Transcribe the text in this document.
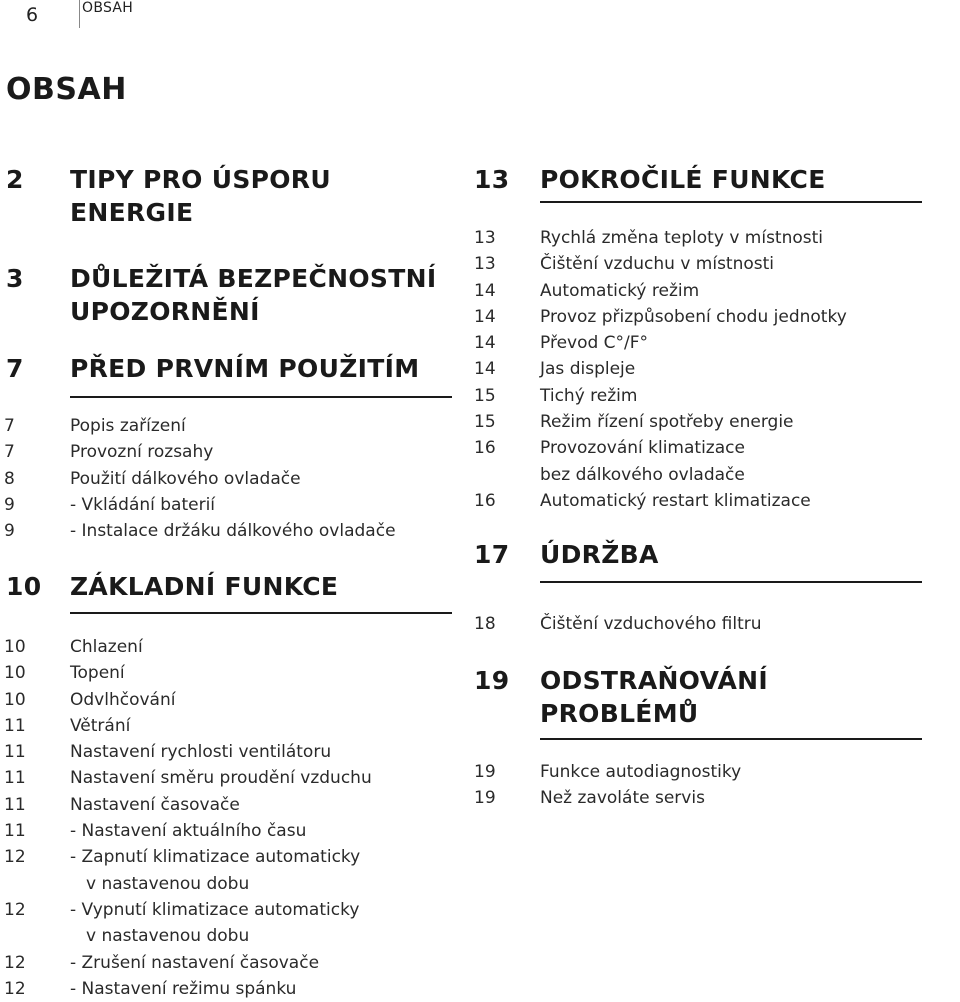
6	OBSAH
OBSAH
2 TIPY PRO ÚSPORU ENERGIE
3 DŮLEŽITÁ BEZPEČNOSTNÍ UPOZORNĚNÍ
7 PŘED PRVNÍM POUŽITÍM
7	Popis zařízení
7	Provozní rozsahy
8	Použití dálkového ovladače
9	- Vkládání baterií
9	- Instalace držáku dálkového ovladače
10 ZÁKLADNÍ FUNKCE
10	Chlazení
10	Topení
10	Odvlhčování
11	Větrání
11	Nastavení rychlosti ventilátoru
11	Nastavení směru proudění vzduchu
11	Nastavení časovače
11	- Nastavení aktuálního času
12	- Zapnutí klimatizace automaticky
v nastavenou dobu
12	- Vypnutí klimatizace automaticky
v nastavenou dobu
12	- Zrušení nastavení časovače
12	- Nastavení režimu spánku
13 POKROČILÉ FUNKCE
13	Rychlá změna teploty v místnosti
13	Čištění vzduchu v místnosti
14	Automatický režim
14	Provoz přizpůsobení chodu jednotky
14	Převod C°/F°
14	Jas displeje
15	Tichý režim
15	Režim řízení spotřeby energie
16	Provozování klimatizace
bez dálkového ovladače
16	Automatický restart klimatizace
17 ÚDRŽBA
18	Čištění vzduchového filtru
19 ODSTRAŇOVÁNÍ PROBLÉMŮ
19	Funkce autodiagnostiky
19	Než zavoláte servis
